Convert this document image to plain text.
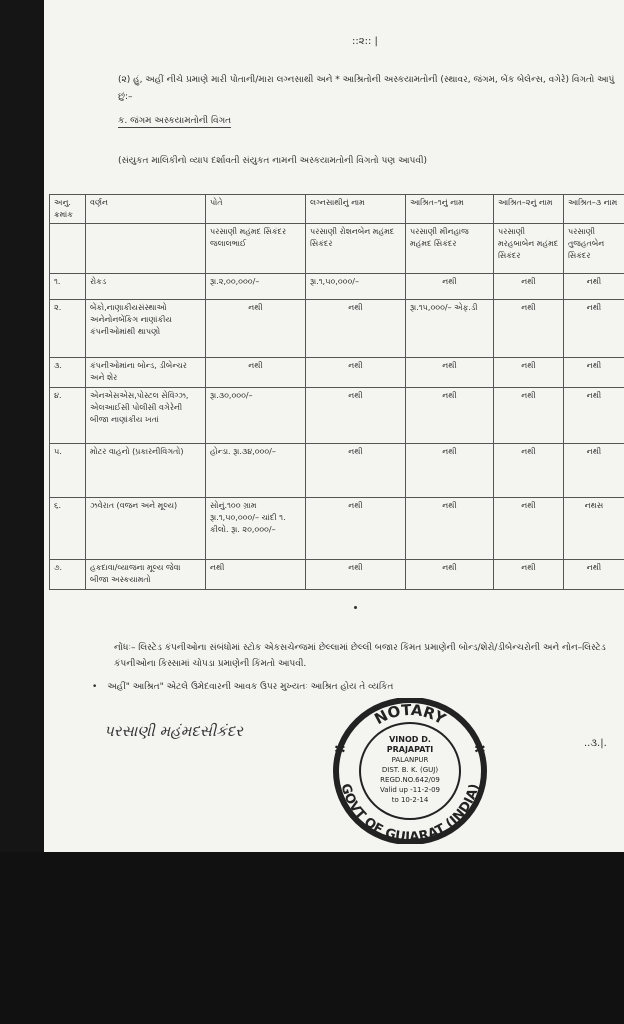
::૨:: |
(૨) હું, અહીં નીચે પ્રમાણે મારી પોતાની/મારા લગ્નસાથી અને * આશ્રિતોની અસ્કયામતોની (સ્થાવર, જંગમ, બેંક બેલેન્સ, વગેરે) વિગતો આપું છું:–
ક. જંગમ અસ્કયામતોની વિગત
(સંયુકત માલિકીનો વ્યાપ દર્શાવતી સંયુકત નામની અસ્કયામતોની વિગતો પણ આપવી)
અનુ. ક્રમાંક	વર્ણન	પોતે	લગ્નસાથીનું નામ	આશ્રિત–૧નું નામ	આશ્રિત–૨નું નામ	આશ્રિત–૩ નામ
		પરસાણી મહંમદ સિકંદર જલાલભાઈ	પરસાણી રોશનબેન મહંમદ સિકંદર	પરસાણી મીનહાજ મહંમદ સિકંદર	પરસાણી મરહબાબેન મહંમદ સિકંદર	પરસાણી તુજહતબેન સિકંદર
૧.	રોકડ	રૂા.૨,૦૦,૦૦૦/–	રૂા.૧,૫૦,૦૦૦/–	નથી	નથી	નથી
૨.	બેંકો,નાણાકીયસંસ્થાઓ અનેનોનબેંકિગ નાણાંકીય કંપનીઓમાંથી થાપણો	નથી	નથી	રૂા.૧૫,૦૦૦/– એફ.ડી	નથી	નથી
૩.	કંપનીઓમાંના બોન્ડ, ડીબેન્ચર અને શેર	નથી	નથી	નથી	નથી	નથી
૪.	એનએસએસ,પોસ્ટલ સેવિંગ્ઝ, એલઆઈસી પોલીસી વગેરેની બીજા નાણાંકીય ખતાં	રૂા.૩૦,૦૦૦/–	નથી	નથી	નથી	નથી
૫.	મોટર વાહનો (પ્રકારનીવિગતો)	હોન્ડા. રૂા.૩૪,૦૦૦/–	નથી	નથી	નથી	નથી
૬.	ઝવેરાત (વજન અને મૂલ્ય)	સોનું.૧૦૦ ગ્રામ રૂા.૧,૫૦,૦૦૦/– ચાંદી ૧. કીલો. રૂા. ૨૦,૦૦૦/–	નથી	નથી	નથી	નથસ
૭.	હકદાવા/વ્યાજના મૂલ્ય જેવા બીજા અસ્કયામતો	નથી	નથી	નથી	નથી	નથી
નોંધઃ– લિસ્ટેડ કંપનીઓના સંબંધોમાં સ્ટોક એકસચેન્જમાં છેલ્લામાં છેલ્લી બજાર કિંમત પ્રમાણેની બોન્ડ/શેરો/ડીબેન્ચરોની અને નોન–લિસ્ટેડ કંપનીઓના કિસ્સામાં ચોપડા પ્રમાણેની કિંમતો આપવી.
• અહીં" આશ્રિત" એટલે ઉમેદવારની આવક ઉપર મુખ્યતઃ આશ્રિત હોય તે વ્યકિત
પરસાણી મહંમદસીકંદર
..૩.|.
NOTARY
GOVT OF GUJARAT (INDIA)
✱	✱
VINOD D.
PRAJAPATI
PALANPUR
DIST. B. K. (GUJ)
REGD.NO.642/09
Valid up -11-2-09
to 10-2-14
